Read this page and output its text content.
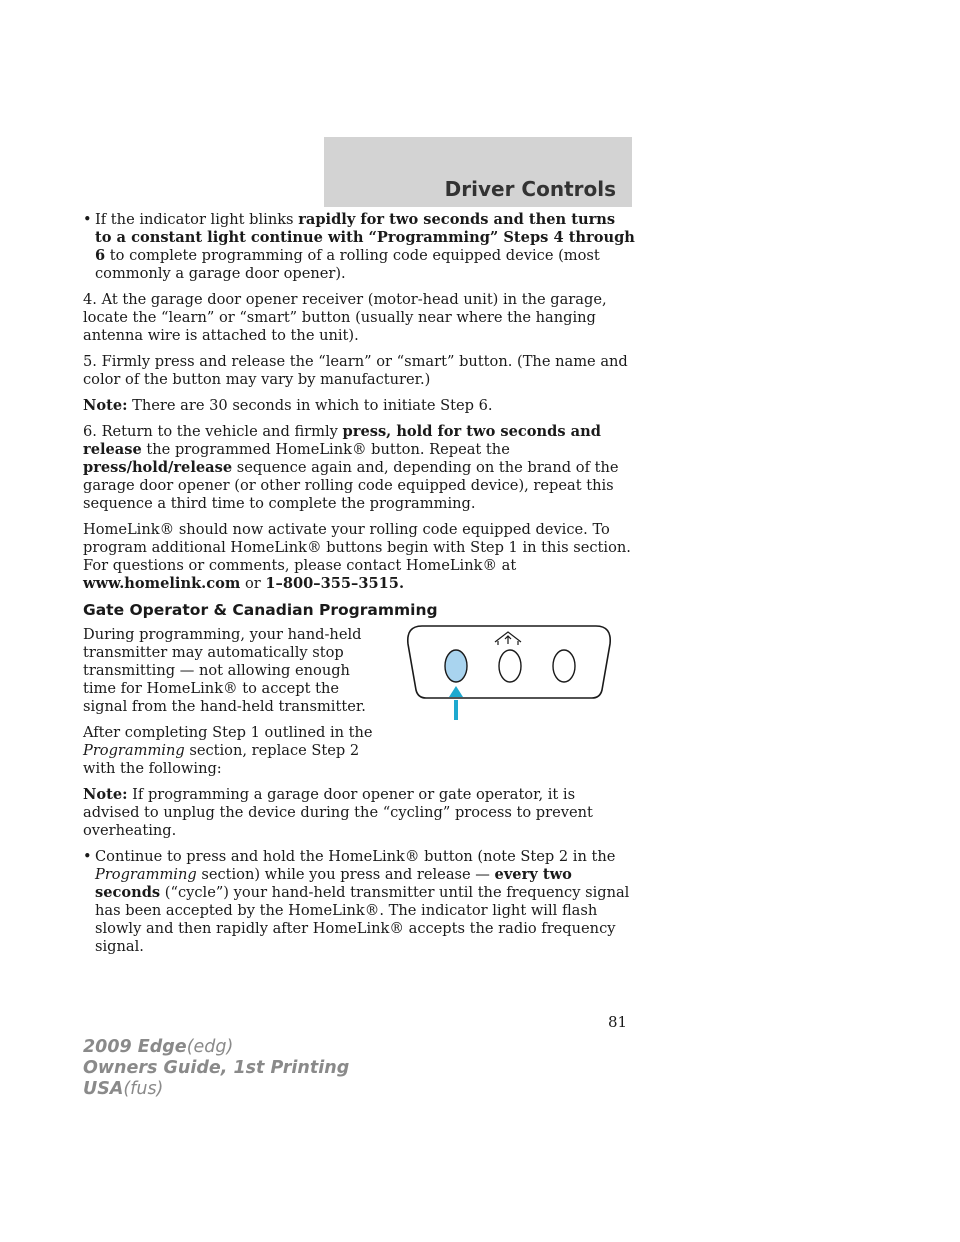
Driver Controls

• If the indicator light blinks rapidly for two seconds and then turns to a constant light continue with “Programming” Steps 4 through 6 to complete programming of a rolling code equipped device (most commonly a garage door opener).

4. At the garage door opener receiver (motor-head unit) in the garage, locate the “learn” or “smart” button (usually near where the hanging antenna wire is attached to the unit).

5. Firmly press and release the “learn” or “smart” button. (The name and color of the button may vary by manufacturer.)

Note: There are 30 seconds in which to initiate Step 6.

6. Return to the vehicle and firmly press, hold for two seconds and release the programmed HomeLink® button. Repeat the press/hold/release sequence again and, depending on the brand of the garage door opener (or other rolling code equipped device), repeat this sequence a third time to complete the programming.

HomeLink® should now activate your rolling code equipped device. To program additional HomeLink® buttons begin with Step 1 in this section. For questions or comments, please contact HomeLink® at www.homelink.com or 1–800–355–3515.

Gate Operator & Canadian Programming

During programming, your hand-held transmitter may automatically stop transmitting — not allowing enough time for HomeLink® to accept the signal from the hand-held transmitter.

After completing Step 1 outlined in the Programming section, replace Step 2 with the following:

Note: If programming a garage door opener or gate operator, it is advised to unplug the device during the “cycling” process to prevent overheating.

• Continue to press and hold the HomeLink® button (note Step 2 in the Programming section) while you press and release — every two seconds (“cycle”) your hand-held transmitter until the frequency signal has been accepted by the HomeLink®. The indicator light will flash slowly and then rapidly after HomeLink® accepts the radio frequency signal.

81
2009 Edge(edg)
Owners Guide, 1st Printing
USA(fus)
